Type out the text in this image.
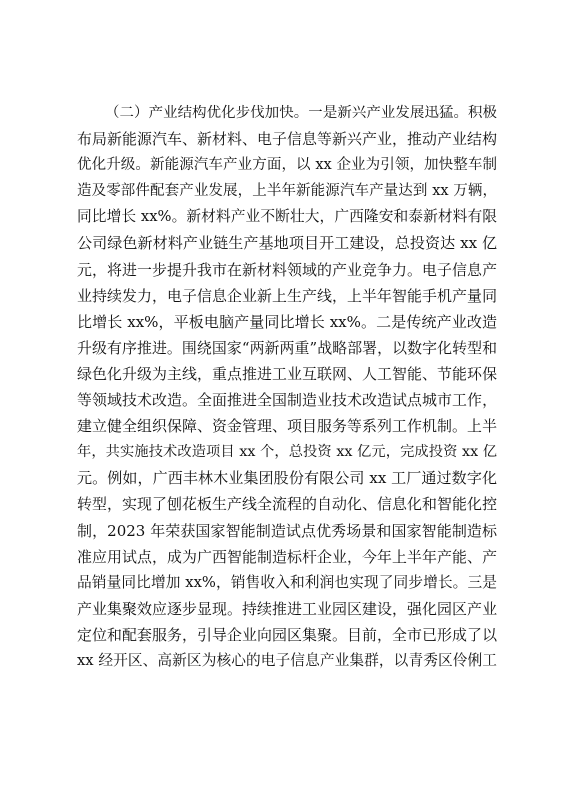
（二）产业结构优化步伐加快。一是新兴产业发展迅猛。积极
布局新能源汽车、新材料、电子信息等新兴产业，推动产业结构
优化升级。新能源汽车产业方面，以 xx 企业为引领，加快整车制
造及零部件配套产业发展，上半年新能源汽车产量达到 xx 万辆，
同比增长 xx%。新材料产业不断壮大，广西隆安和泰新材料有限
公司绿色新材料产业链生产基地项目开工建设，总投资达 xx 亿
元，将进一步提升我市在新材料领域的产业竞争力。电子信息产
业持续发力，电子信息企业新上生产线，上半年智能手机产量同
比增长 xx%，平板电脑产量同比增长 xx%。二是传统产业改造
升级有序推进。围绕国家“两新两重”战略部署，以数字化转型和
绿色化升级为主线，重点推进工业互联网、人工智能、节能环保
等领域技术改造。全面推进全国制造业技术改造试点城市工作，
建立健全组织保障、资金管理、项目服务等系列工作机制。上半
年，共实施技术改造项目 xx 个，总投资 xx 亿元，完成投资 xx 亿
元。例如，广西丰林木业集团股份有限公司 xx 工厂通过数字化
转型，实现了刨花板生产线全流程的自动化、信息化和智能化控
制，2023 年荣获国家智能制造试点优秀场景和国家智能制造标
准应用试点，成为广西智能制造标杆企业，今年上半年产能、产
品销量同比增加 xx%，销售收入和利润也实现了同步增长。三是
产业集聚效应逐步显现。持续推进工业园区建设，强化园区产业
定位和配套服务，引导企业向园区集聚。目前，全市已形成了以
xx 经开区、高新区为核心的电子信息产业集群，以青秀区伶俐工
